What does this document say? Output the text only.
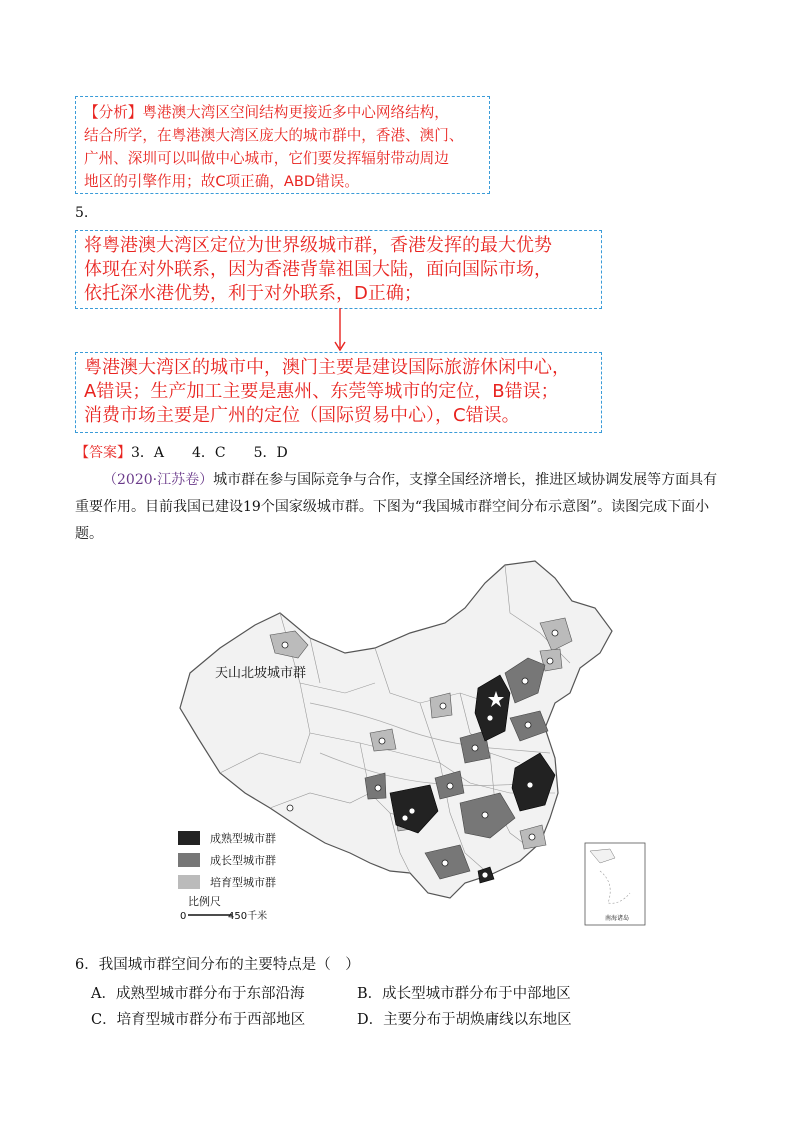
【分析】粤港澳大湾区空间结构更接近多中心网络结构，

结合所学，在粤港澳大湾区庞大的城市群中，香港、澳门、

广州、深圳可以叫做中心城市，它们要发挥辐射带动周边

地区的引擎作用；故C项正确，ABD错误。

5.

将粤港澳大湾区定位为世界级城市群，香港发挥的最大优势

体现在对外联系，因为香港背靠祖国大陆，面向国际市场，

依托深水港优势，利于对外联系，D正确；

粤港澳大湾区的城市中，澳门主要是建设国际旅游休闲中心，

A错误；生产加工主要是惠州、东莞等城市的定位，B错误；

消费市场主要是广州的定位（国际贸易中心），C错误。

【答案】3．A　　4．C　　5．D
（2020·江苏卷）城市群在参与国际竞争与合作，支撑全国经济增长，推进区域协调发展等方面具有重要作用。目前我国已建设19个国家级城市群。下图为“我国城市群空间分布示意图”。读图完成下面小题。
天山北坡城市群
成熟型城市群
成长型城市群
培育型城市群
比例尺
0	450千米	南海诸岛
6．我国城市群空间分布的主要特点是（　）
A．成熟型城市群分布于东部沿海	B．成长型城市群分布于中部地区
C．培育型城市群分布于西部地区	D．主要分布于胡焕庸线以东地区
